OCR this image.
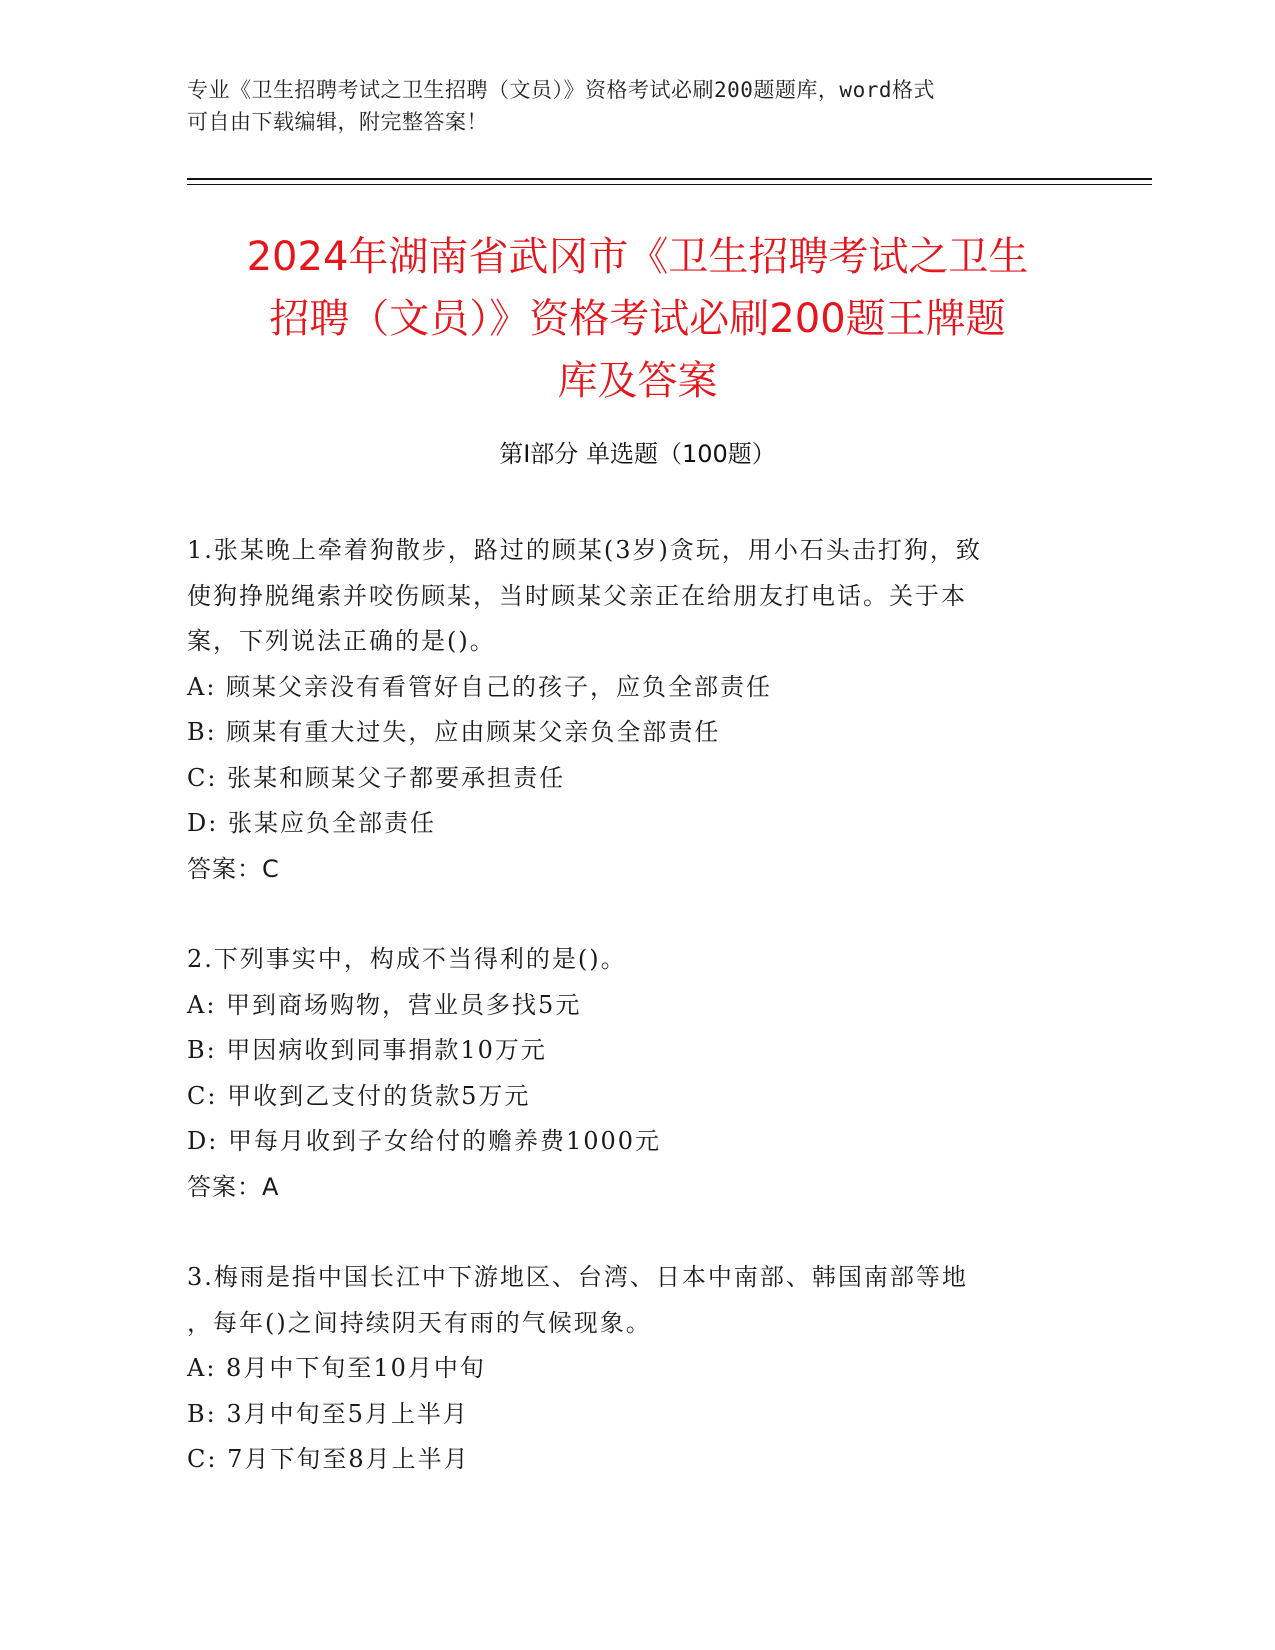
专业《卫生招聘考试之卫生招聘（文员）》资格考试必刷200题题库，word格式
可自由下载编辑，附完整答案！
2024年湖南省武冈市《卫生招聘考试之卫生
招聘（文员）》资格考试必刷200题王牌题
库及答案
第Ⅰ部分 单选题（100题）
1.张某晚上牵着狗散步，路过的顾某(3岁)贪玩，用小石头击打狗，致
使狗挣脱绳索并咬伤顾某，当时顾某父亲正在给朋友打电话。关于本
案，下列说法正确的是()。
A: 顾某父亲没有看管好自己的孩子，应负全部责任
B: 顾某有重大过失，应由顾某父亲负全部责任
C: 张某和顾某父子都要承担责任
D: 张某应负全部责任
答案：C
2.下列事实中，构成不当得利的是()。
A: 甲到商场购物，营业员多找5元
B: 甲因病收到同事捐款10万元
C: 甲收到乙支付的货款5万元
D: 甲每月收到子女给付的赡养费1000元
答案：A
3.梅雨是指中国长江中下游地区、台湾、日本中南部、韩国南部等地
，每年()之间持续阴天有雨的气候现象。
A: 8月中下旬至10月中旬
B: 3月中旬至5月上半月
C: 7月下旬至8月上半月
